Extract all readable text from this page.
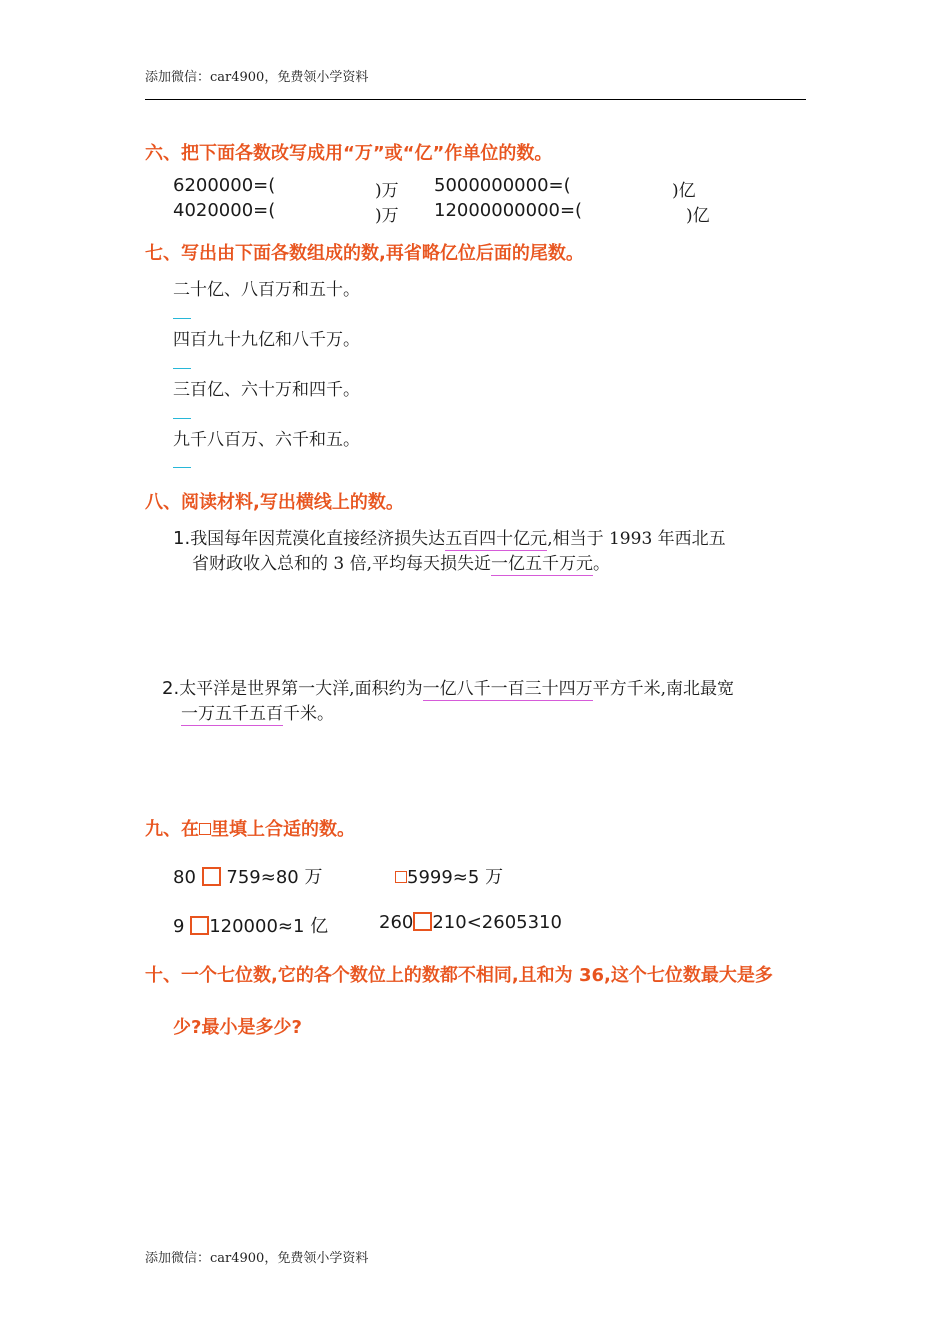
添加微信：car4900，免费领小学资料
六、把下面各数改写成用“万”或“亿”作单位的数。
6200000=(	)万 5000000000=(	)亿
4020000=(	)万 12000000000=(	)亿
七、写出由下面各数组成的数,再省略亿位后面的尾数。
二十亿、八百万和五十。
四百九十九亿和八千万。
三百亿、六十万和四千。
九千八百万、六千和五。
八、阅读材料,写出横线上的数。
1.我国每年因荒漠化直接经济损失达五百四十亿元,相当于 1993 年西北五
省财政收入总和的 3 倍,平均每天损失近一亿五千万元。
2.太平洋是世界第一大洋,面积约为一亿八千一百三十四万平方千米,南北最宽
一万五千五百千米。
九、在 里填上合适的数。
80 759≈80 万	5999≈5 万
9 120000≈1 亿	260 210<2605310
十、一个七位数,它的各个数位上的数都不相同,且和为 36,这个七位数最大是多
少?最小是多少?
添加微信：car4900，免费领小学资料
